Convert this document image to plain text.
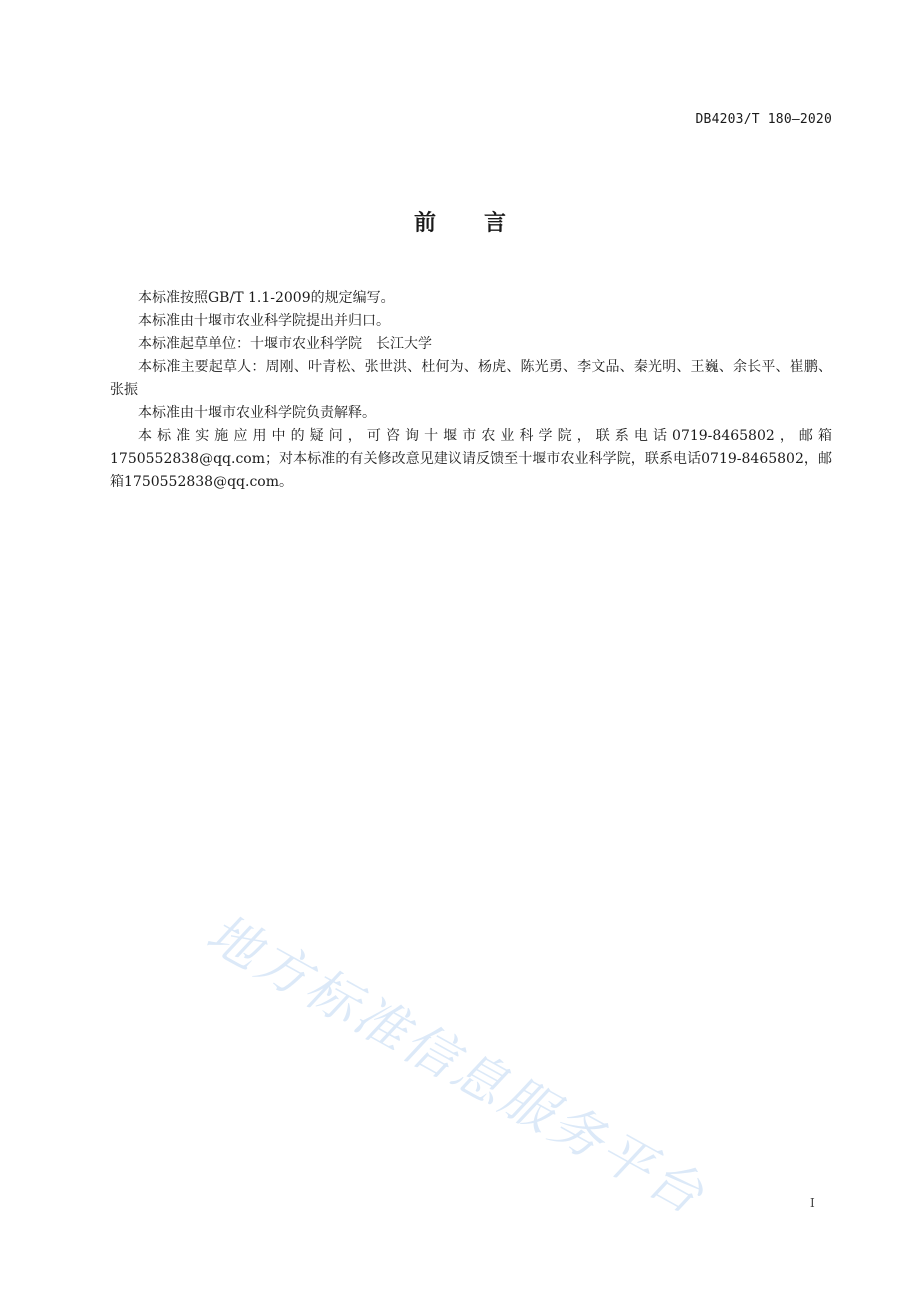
DB4203/T 180—2020
前言

本标准按照GB/T 1.1-2009的规定编写。

本标准由十堰市农业科学院提出并归口。

本标准起草单位：十堰市农业科学院　长江大学

本标准主要起草人：周刚、叶青松、张世洪、杜何为、杨虎、陈光勇、李文品、秦光明、王巍、余长平、崔鹏、张振

本标准由十堰市农业科学院负责解释。

本标准实施应用中的疑问，可咨询十堰市农业科学院，联系电话0719-8465802，邮箱1750552838@qq.com；对本标准的有关修改意见建议请反馈至十堰市农业科学院，联系电话0719-8465802，邮箱1750552838@qq.com。

地方标准信息服务平台	I
